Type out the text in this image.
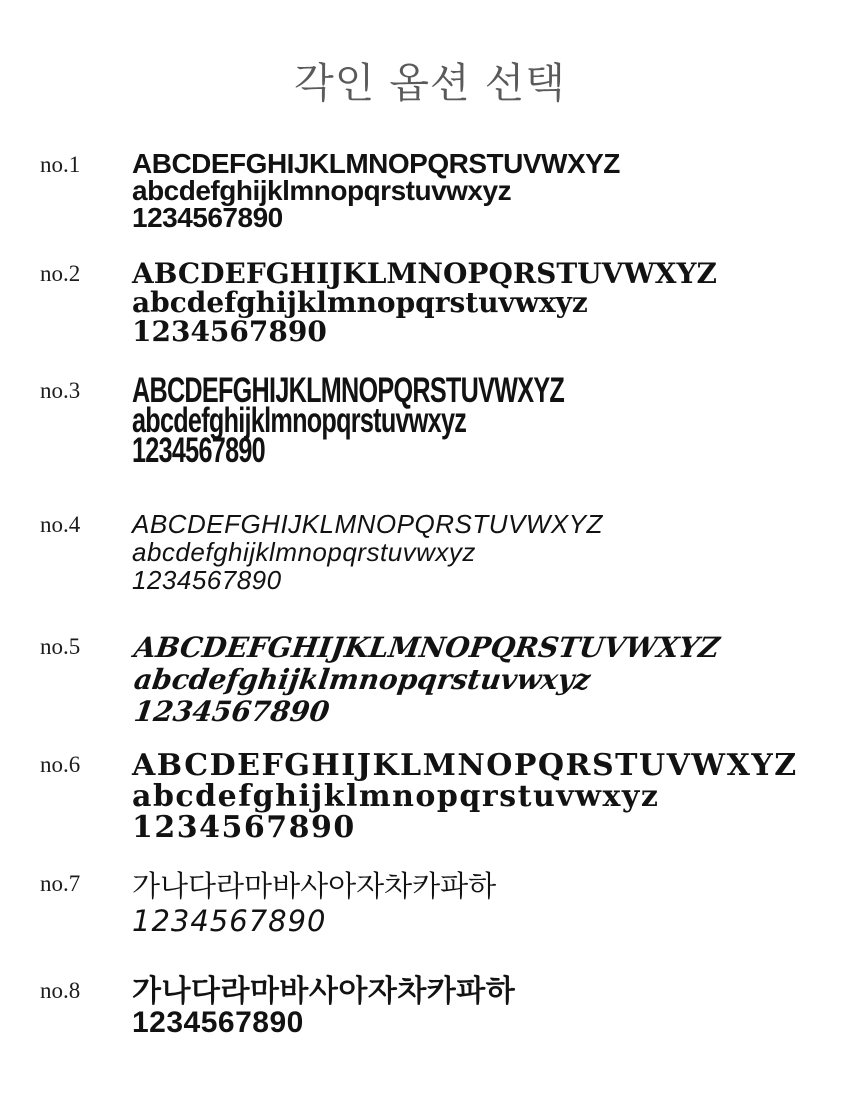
각인 옵션 선택
no.1	ABCDEFGHIJKLMNOPQRSTUVWXYZ
abcdefghijklmnopqrstuvwxyz
1234567890
no.2	ABCDEFGHIJKLMNOPQRSTUVWXYZ
abcdefghijklmnopqrstuvwxyz
1234567890
no.3	ABCDEFGHIJKLMNOPQRSTUVWXYZ
abcdefghijklmnopqrstuvwxyz
1234567890
no.4	ABCDEFGHIJKLMNOPQRSTUVWXYZ
abcdefghijklmnopqrstuvwxyz
1234567890
no.5	ABCDEFGHIJKLMNOPQRSTUVWXYZ
abcdefghijklmnopqrstuvwxyz
1234567890
no.6	ABCDEFGHIJKLMNOPQRSTUVWXYZ
abcdefghijklmnopqrstuvwxyz
1234567890
no.7	가나다라마바사아자차카파하
1234567890
no.8	가나다라마바사아자차카파하
1234567890
